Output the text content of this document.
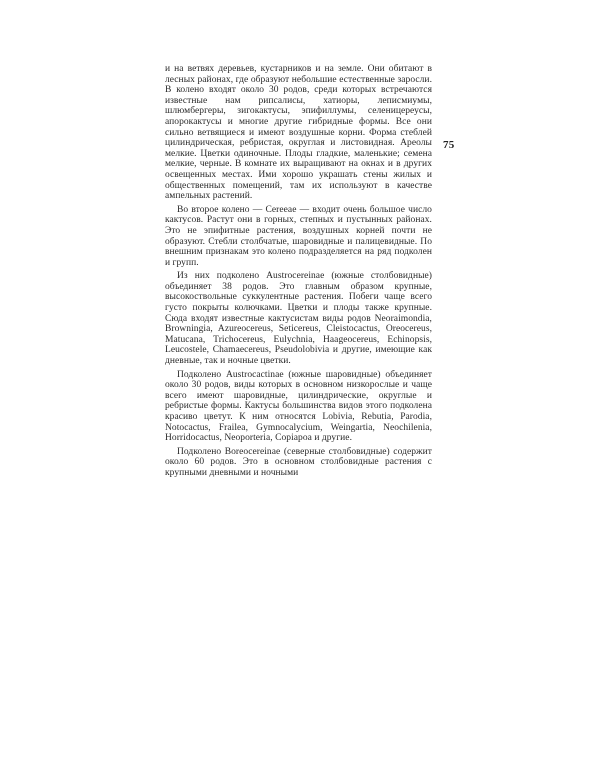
75

и на ветвях деревьев, кустарников и на земле. Они обитают в лесных районах, где образуют небольшие естественные заросли. В колено входят около 30 родов, среди которых встречаются известные нам рипсалисы, хатиоры, леписмиумы, шлюмбергеры, зигокактусы, эпифиллумы, селеницереусы, апорокактусы и многие другие гибридные формы. Все они сильно ветвящиеся и имеют воздушные корни. Форма стеблей цилиндрическая, ребристая, округлая и листовидная. Ареолы мелкие. Цветки одиночные. Плоды гладкие, маленькие; семена мелкие, черные. В комнате их выращивают на окнах и в других освещенных местах. Ими хорошо украшать стены жилых и общественных помещений, там их используют в качестве ампельных растений.

Во второе колено — Cereeae — входит очень большое число кактусов. Растут они в горных, степных и пустынных районах. Это не эпифитные растения, воздушных корней почти не образуют. Стебли столбчатые, шаровидные и палицевидные. По внешним признакам это колено подразделяется на ряд подколен и групп.

Из них подколено Austrocereinae (южные столбовидные) объединяет 38 родов. Это главным образом крупные, высокоствольные суккулентные растения. Побеги чаще всего густо покрыты колючками. Цветки и плоды также крупные. Сюда входят известные кактусистам виды родов Neoraimondia, Browningia, Azureocereus, Seticereus, Cleistocactus, Oreocereus, Matucana, Trichocereus, Eulychnia, Haageocereus, Echinopsis, Leucostele, Chamaecereus, Pseudolobivia и другие, имеющие как дневные, так и ночные цветки.

Подколено Austrocactinae (южные шаровидные) объединяет около 30 родов, виды которых в основном низкорослые и чаще всего имеют шаровидные, цилиндрические, округлые и ребристые формы. Кактусы большинства видов этого подколена красиво цветут. К ним относятся Lobivia, Rebutia, Parodia, Notocactus, Frailea, Gymnocalycium, Weingartia, Neochilenia, Horridocactus, Neoporteria, Copiapoa и другие.

Подколено Boreocereinae (северные столбовидные) содержит около 60 родов. Это в основном столбовидные растения с крупными дневными и ночными
